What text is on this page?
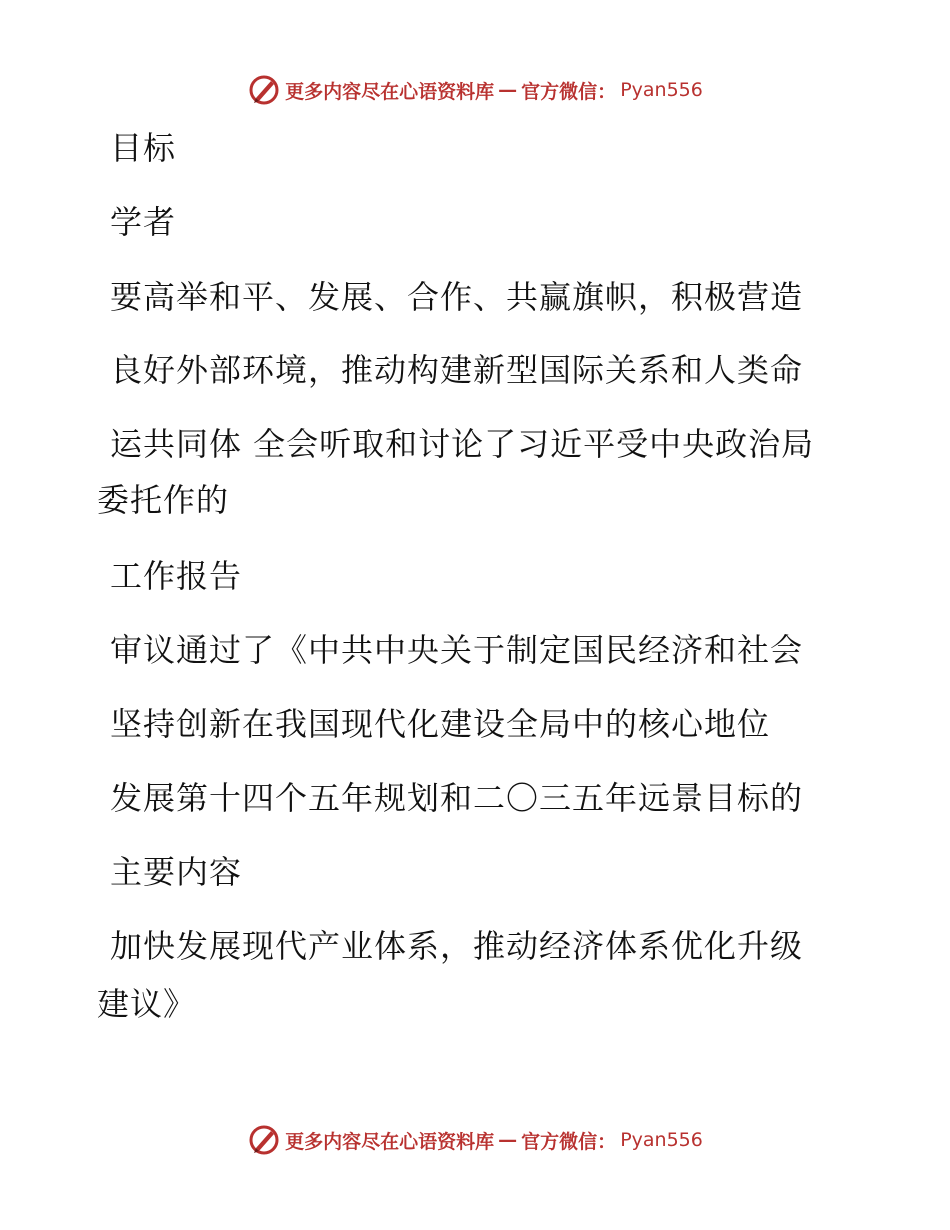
更多内容尽在心语资料库 — 官方微信： Pyan556
目标
学者
要高举和平、发展、合作、共赢旗帜，积极营造
良好外部环境，推动构建新型国际关系和人类命
运共同体 全会听取和讨论了习近平受中央政治局
委托作的
工作报告
审议通过了《中共中央关于制定国民经济和社会
坚持创新在我国现代化建设全局中的核心地位
发展第十四个五年规划和二〇三五年远景目标的
主要内容
加快发展现代产业体系，推动经济体系优化升级
建议》
更多内容尽在心语资料库 — 官方微信： Pyan556
